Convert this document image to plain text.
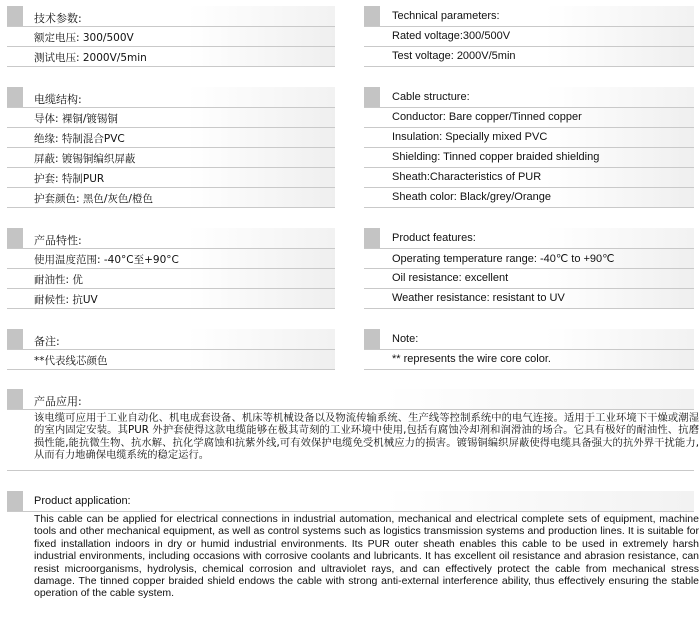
技术参数:
额定电压: 300/500V
测试电压: 2000V/5min
Technical parameters:
Rated voltage:300/500V
Test voltage: 2000V/5min
电缆结构:
导体: 裸铜/镀锡铜
绝缘: 特制混合PVC
屏蔽: 镀锡铜编织屏蔽
护套: 特制PUR
护套颜色: 黑色/灰色/橙色
Cable structure:
Conductor: Bare copper/Tinned copper
Insulation: Specially mixed PVC
Shielding: Tinned copper braided shielding
Sheath:Characteristics of PUR
Sheath color: Black/grey/Orange
产品特性:
使用温度范围: -40°C至+90°C
耐油性: 优
耐候性: 抗UV
Product features:
Operating temperature range: -40℃ to +90℃
Oil resistance: excellent
Weather resistance: resistant to UV
备注:
**代表线芯颜色
Note:
** represents the wire core color.
产品应用:
该电缆可应用于工业自动化、机电成套设备、机床等机械设备以及物流传输系统、生产线等控制系统中的电气连接。适用于工业环境下干燥或潮湿的室内固定安装。其PUR 外护套使得这款电缆能够在极其苛刻的工业环境中使用,包括有腐蚀冷却剂和润滑油的场合。它具有极好的耐油性、抗磨损性能,能抗微生物、抗水解、抗化学腐蚀和抗紫外线,可有效保护电缆免受机械应力的损害。镀锡铜编织屏蔽使得电缆具备强大的抗外界干扰能力,从而有力地确保电缆系统的稳定运行。
Product application:
This cable can be applied for electrical connections in industrial automation, mechanical and electrical complete sets of equipment, machine tools and other mechanical equipment, as well as control systems such as logistics transmission systems and production lines. It is suitable for fixed installation indoors in dry or humid industrial environments. Its PUR outer sheath enables this cable to be used in extremely harsh industrial environments, including occasions with corrosive coolants and lubricants. It has excellent oil resistance and abrasion resistance, can resist microorganisms, hydrolysis, chemical corrosion and ultraviolet rays, and can effectively protect the cable from mechanical stress damage. The tinned copper braided shield endows the cable with strong anti-external interference ability, thus effectively ensuring the stable operation of the cable system.
